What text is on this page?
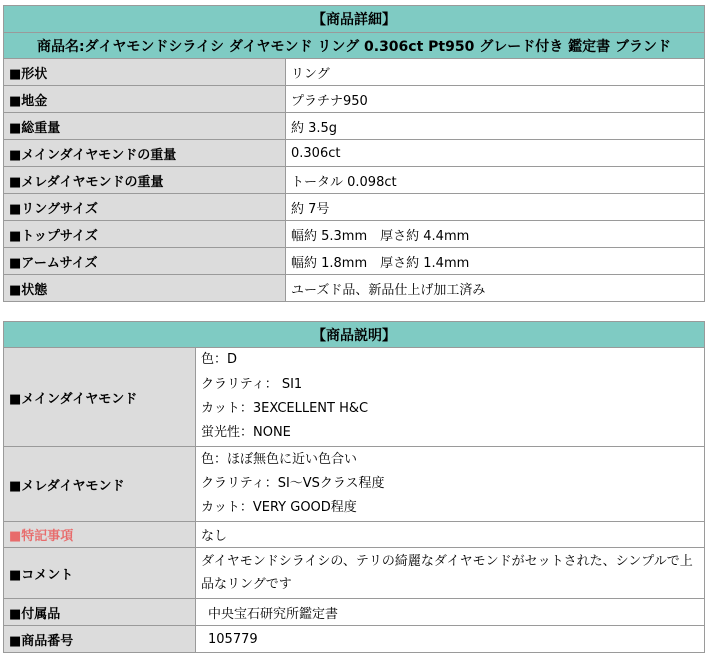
【商品詳細】	
商品名:ダイヤモンドシライシ ダイヤモンド リング 0.306ct Pt950 グレード付き 鑑定書 ブランド	
■形状	リング
■地金	プラチナ950
■総重量	約 3.5g
■メインダイヤモンドの重量	0.306ct
■メレダイヤモンドの重量	トータル 0.098ct
■リングサイズ	約 7号
■トップサイズ	幅約 5.3mm　厚さ約 4.4mm
■アームサイズ	幅約 1.8mm　厚さ約 1.4mm
■状態	ユーズド品、新品仕上げ加工済み
【商品説明】	
■メインダイヤモンド	色：D
クラリティ： SI1
カット：3EXCELLENT H&C
蛍光性：NONE

■メレダイヤモンド	色：ほぼ無色に近い色合い
クラリティ：SI～VSクラス程度
カット：VERY GOOD程度

■特記事項	なし
■コメント	ダイヤモンドシライシの、テリの綺麗なダイヤモンドがセットされた、シンプルで上品なリングです
■付属品	中央宝石研究所鑑定書
■商品番号	105779
